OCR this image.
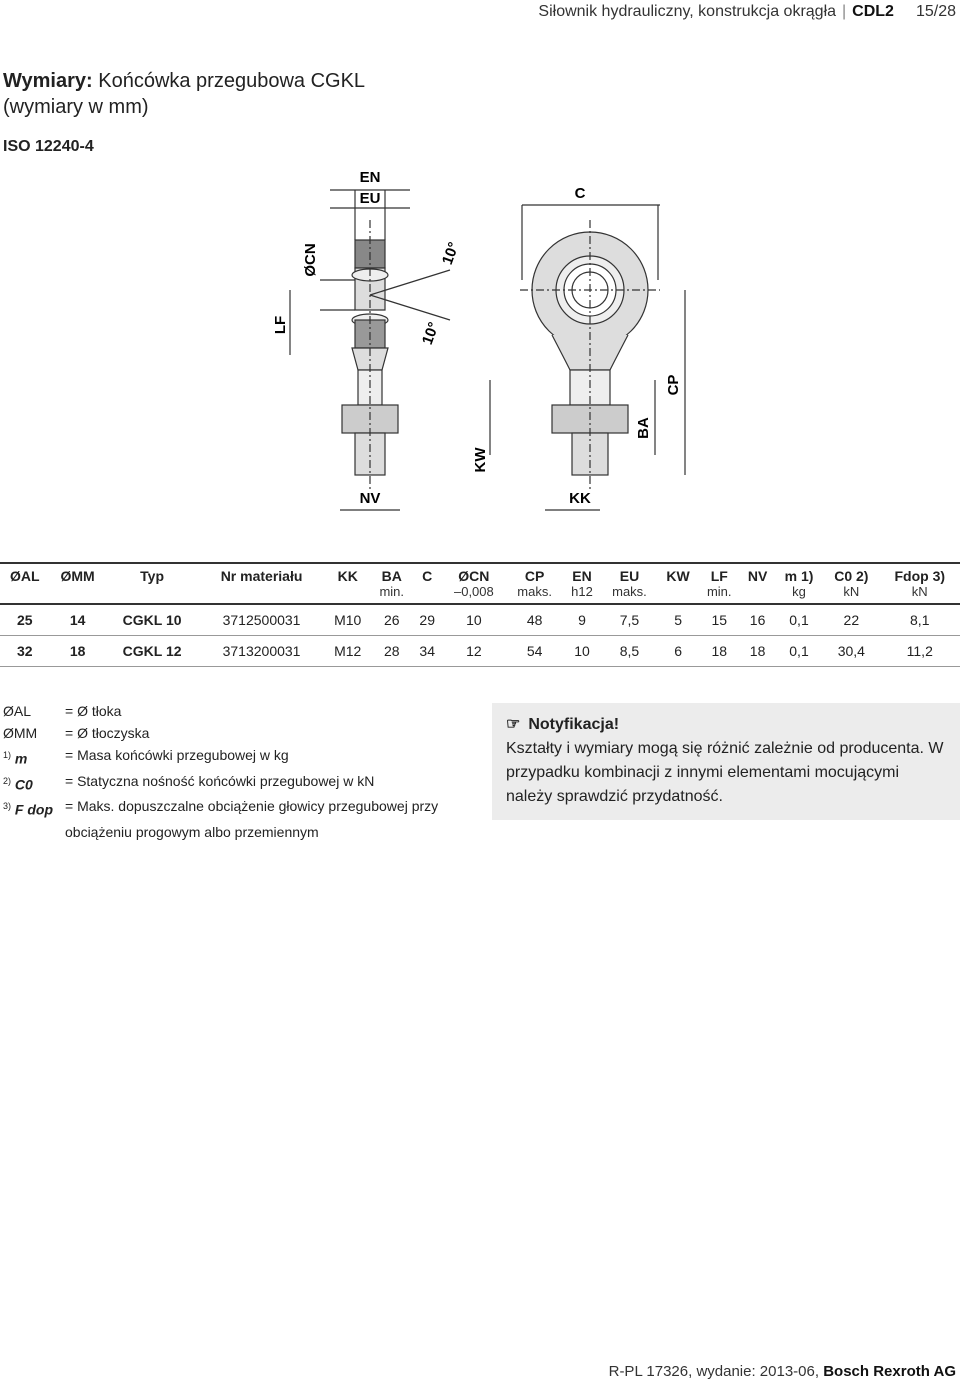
Siłownik hydrauliczny, konstrukcja okrągła | CDL2 15/28
Wymiary: Końcówka przegubowa CGKL
(wymiary w mm)
ISO 12240-4
EN
EU
ØCN
LF
10°
10°
NV	KK
KW
C
CP
BA
ØAL	ØMM	Typ	Nr materiału	KK	BA	C	ØCN	CP	EN	EU	KW	LF	NV	m 1)	C0 2)	Fdop 3)
					min.		–0,008	maks.	h12	maks.		min.		kg	kN	kN
25	14	CGKL 10	3712500031	M10	26	29	10	48	9	7,5	5	15	16	0,1	22	8,1
32	18	CGKL 12	3713200031	M12	28	34	12	54	10	8,5	6	18	18	0,1	30,4	11,2
ØAL	= Ø tłoka
ØMM	= Ø tłoczyska
$^{1)}$ m	= Masa końcówki przegubowej w kg
$^{2)}$ C0	= Statyczna nośność końcówki przegubowej w kN
$^{3)}$ F dop = Maks. dopuszczalne obciążenie głowicy przegubowej przy
obciążeniu progowym albo przemiennym
☞ Notyfikacja!
Kształty i wymiary mogą się różnić zależnie od producenta. W przypadku kombinacji z innymi elementami mocującymi należy sprawdzić przydatność.
R-PL 17326, wydanie: 2013-06, Bosch Rexroth AG
